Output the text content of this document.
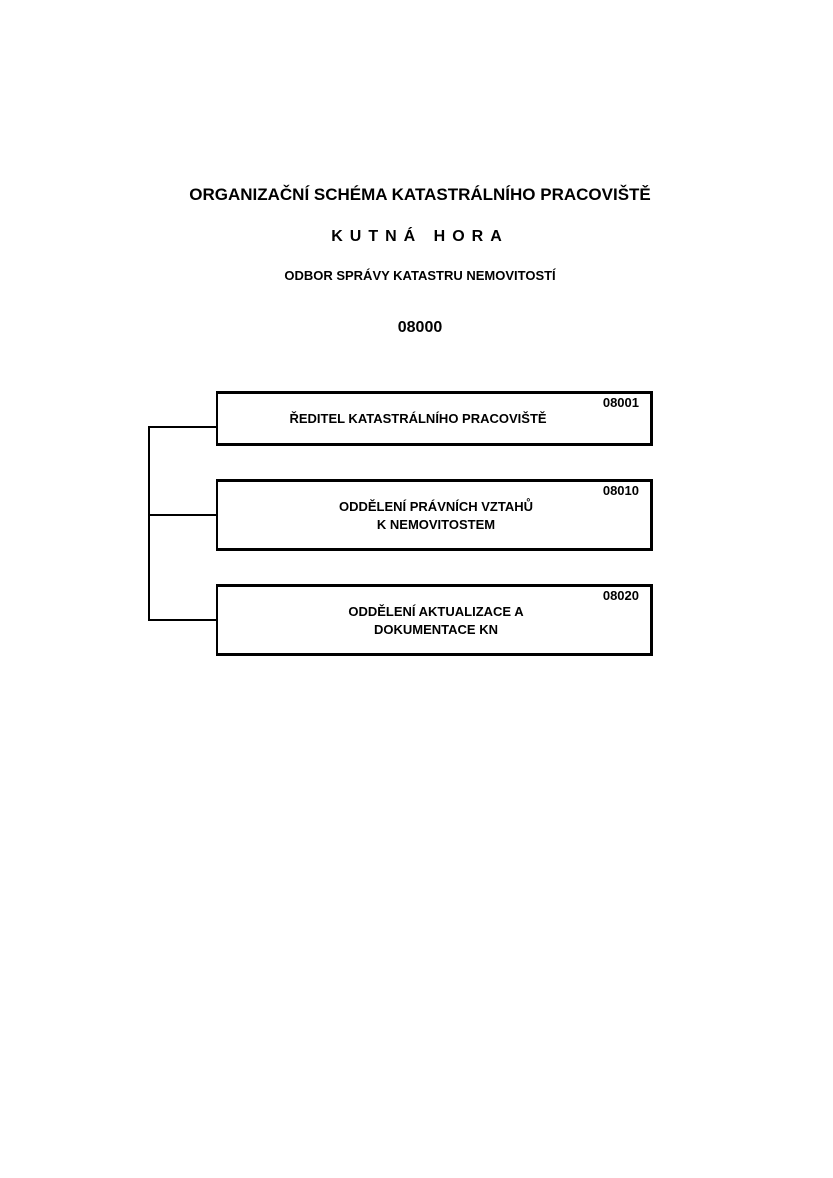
ORGANIZAČNÍ SCHÉMA KATASTRÁLNÍHO PRACOVIŠTĚ
KUTNÁ HORA
ODBOR SPRÁVY KATASTRU NEMOVITOSTÍ
08000
08001
ŘEDITEL KATASTRÁLNÍHO PRACOVIŠTĚ
08010
ODDĚLENÍ PRÁVNÍCH VZTAHŮ
K NEMOVITOSTEM
08020
ODDĚLENÍ AKTUALIZACE A
DOKUMENTACE KN
